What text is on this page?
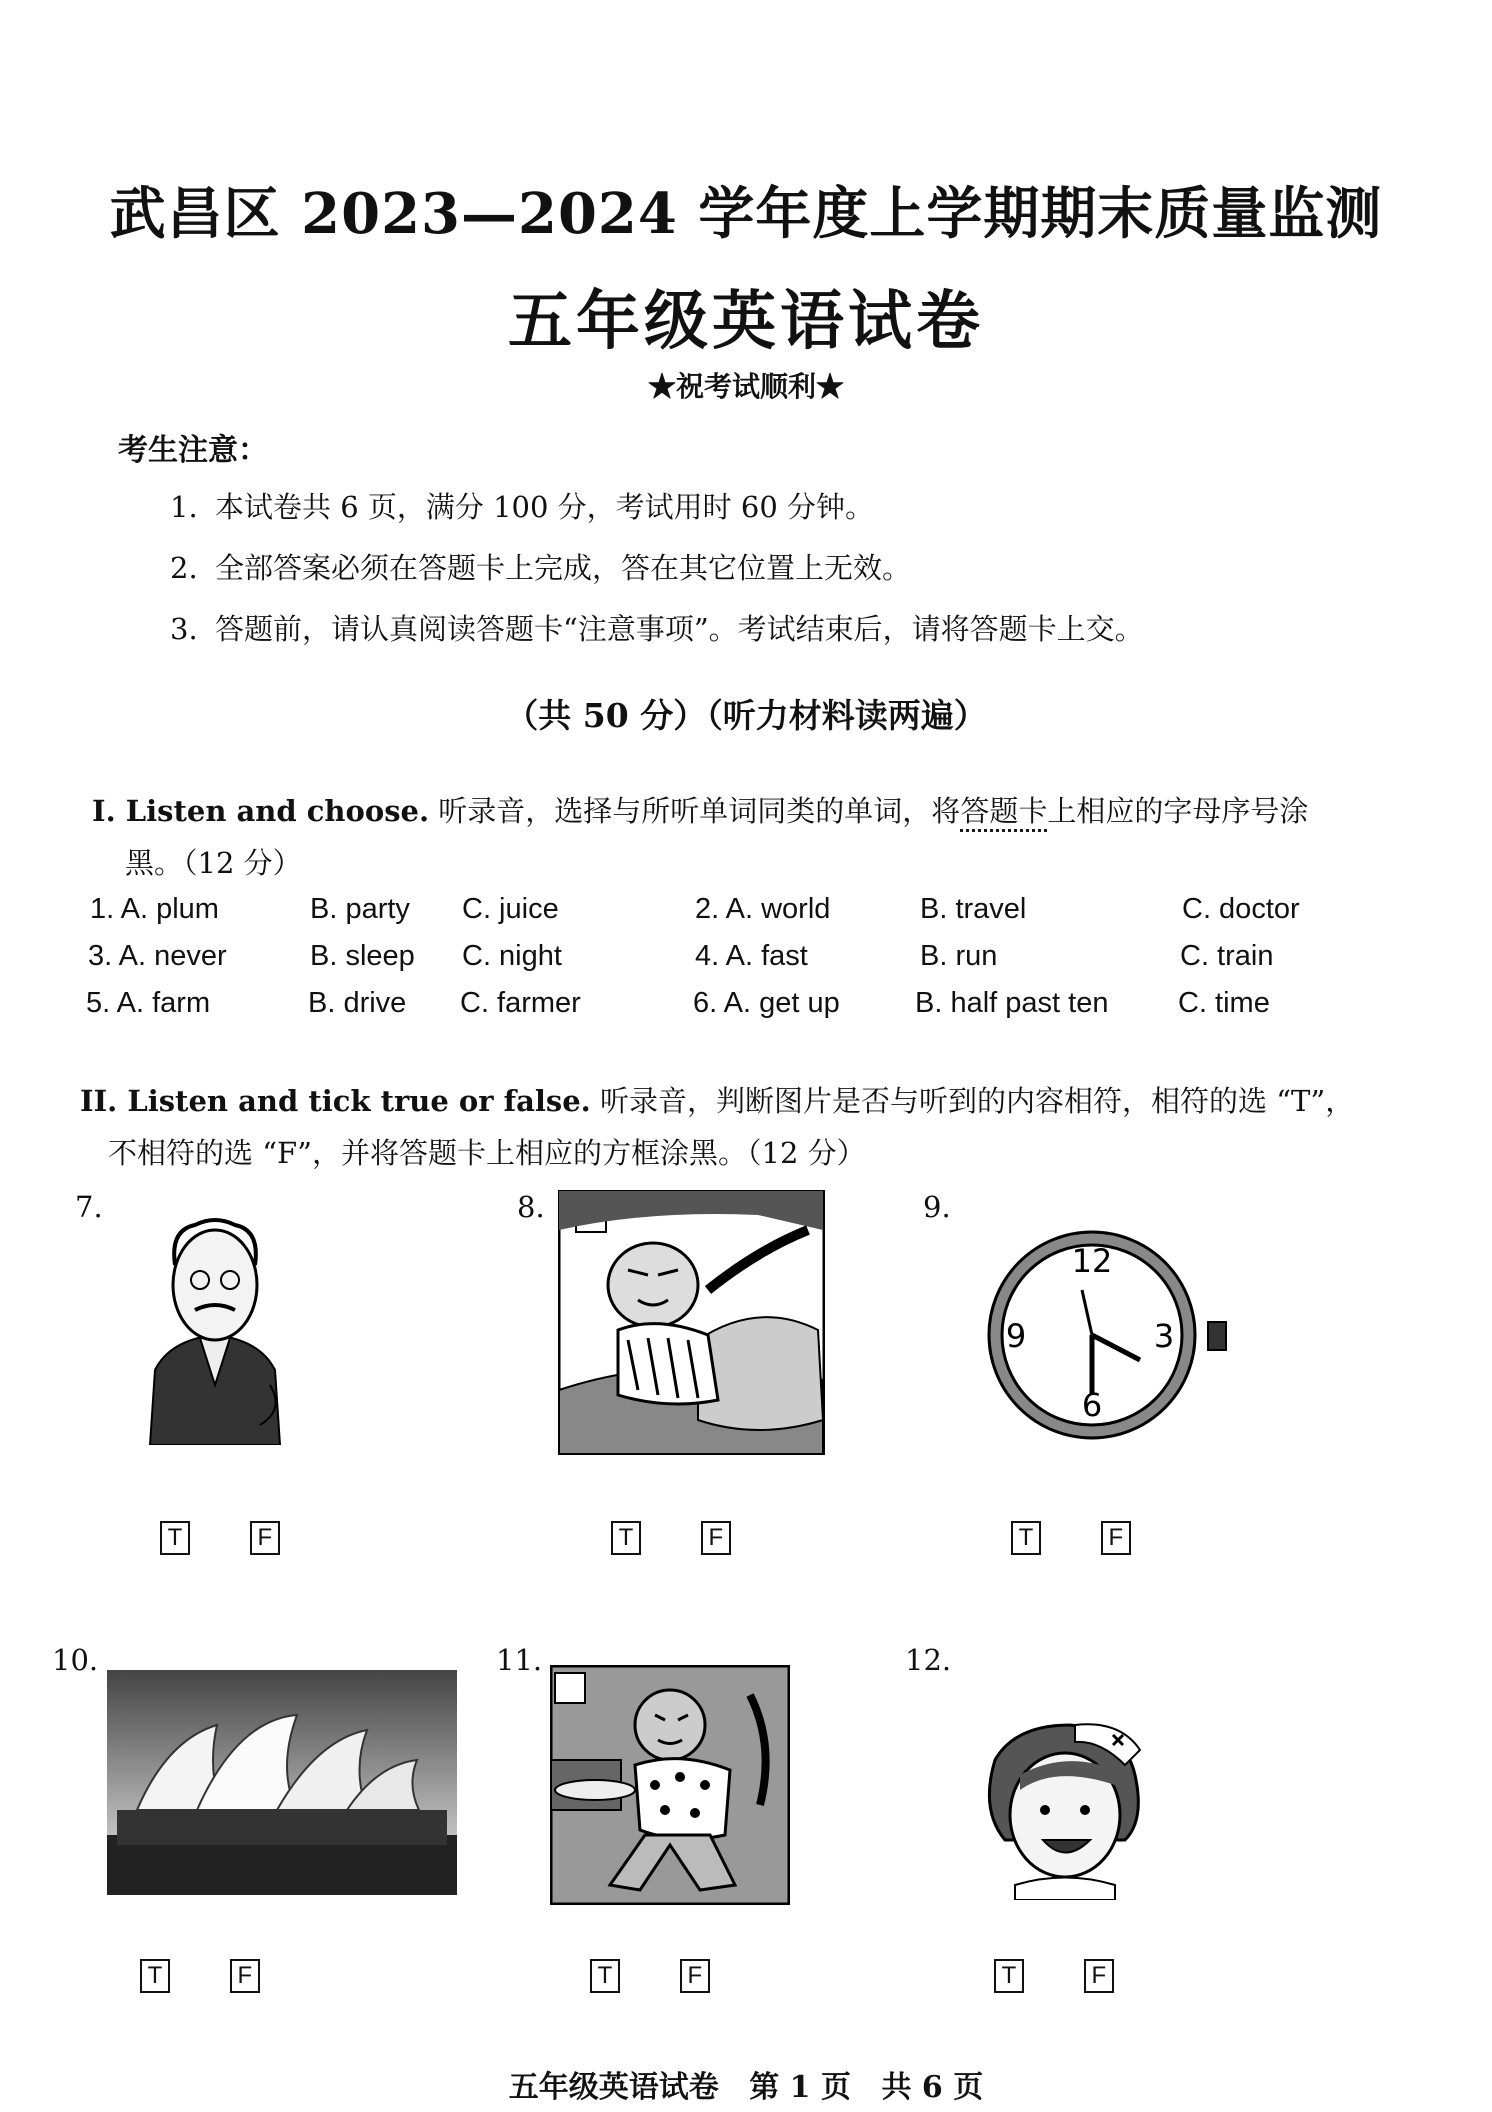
武昌区 2023—2024 学年度上学期期末质量监测
五年级英语试卷
★祝考试顺利★
考生注意：
1. 本试卷共 6 页，满分 100 分，考试用时 60 分钟。
2. 全部答案必须在答题卡上完成，答在其它位置上无效。
3. 答题前，请认真阅读答题卡“注意事项”。考试结束后，请将答题卡上交。
（共 50 分）（听力材料读两遍）
I. Listen and choose. 听录音，选择与所听单词同类的单词，将答题卡上相应的字母序号涂
黑。（12 分）
1. A. plum	B. party C. juice	2. A. world	B. travel	C. doctor
3. A. never	B. sleep C. night	4. A. fast	B. run	C. train
5. A. farm	B. drive C. farmer	6. A. get up	B. half past ten C. time
II. Listen and tick true or false. 听录音，判断图片是否与听到的内容相符，相符的选 “T”，
不相符的选 “F”，并将答题卡上相应的方框涂黑。（12 分）
7.
T	F
8.
T	F
9.
12
3
6
9
T	F
10.
T	F
11.
T	F
12.
T	F
五年级英语试卷 第 1 页 共 6 页
